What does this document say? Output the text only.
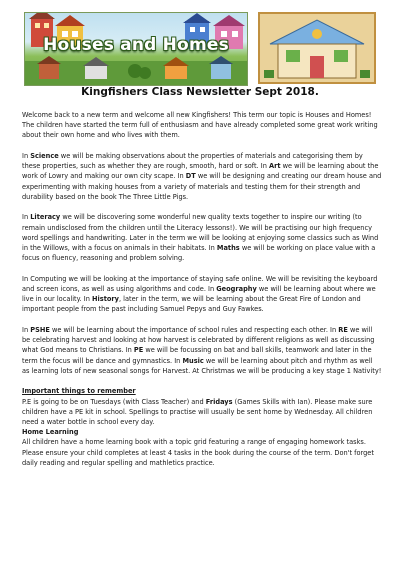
Houses and Homes
Kingfishers Class Newsletter Sept 2018.

Welcome back to a new term and welcome all new Kingfishers! This term our topic is Houses and Homes! The children have started the term full of enthusiasm and have already completed some great work writing about their own home and who lives with them.

In Science we will be making observations about the properties of materials and categorising them by these properties, such as whether they are rough, smooth, hard or soft. In Art we will be learning about the work of Lowry and making our own city scape. In DT we will be designing and creating our dream house and experimenting with making houses from a variety of materials and testing them for their strength and durability based on the book The Three Little Pigs.

In Literacy we will be discovering some wonderful new quality texts together to inspire our writing (to remain undisclosed from the children until the Literacy lessons!). We will be practising our high frequency word spellings and handwriting. Later in the term we will be looking at enjoying some classics such as Wind in the Willows, with a focus on animals in their habitats. In Maths we will be working on place value with a focus on fluency, reasoning and problem solving.

In Computing we will be looking at the importance of staying safe online. We will be revisiting the keyboard and screen icons, as well as using algorithms and code. In Geography we will be learning about where we live in our locality. In History, later in the term, we will be learning about the Great Fire of London and important people from the past including Samuel Pepys and Guy Fawkes.

In PSHE we will be learning about the importance of school rules and respecting each other. In RE we will be celebrating harvest and looking at how harvest is celebrated by different religions as well as discussing what God means to Christians. In PE we will be focussing on bat and ball skills, teamwork and later in the term the focus will be dance and gymnastics. In Music we will be learning about pitch and rhythm as well as learning lots of new seasonal songs for Harvest. At Christmas we will be producing a key stage 1 Nativity!

Important things to remember

P.E is going to be on Tuesdays (with Class Teacher) and Fridays (Games Skills with Ian). Please make sure children have a PE kit in school. Spellings to practise will usually be sent home by Wednesday. All children need a water bottle in school every day.

Home Learning

All children have a home learning book with a topic grid featuring a range of engaging homework tasks. Please ensure your child completes at least 4 tasks in the book during the course of the term. Don't forget daily reading and regular spelling and mathletics practice.
